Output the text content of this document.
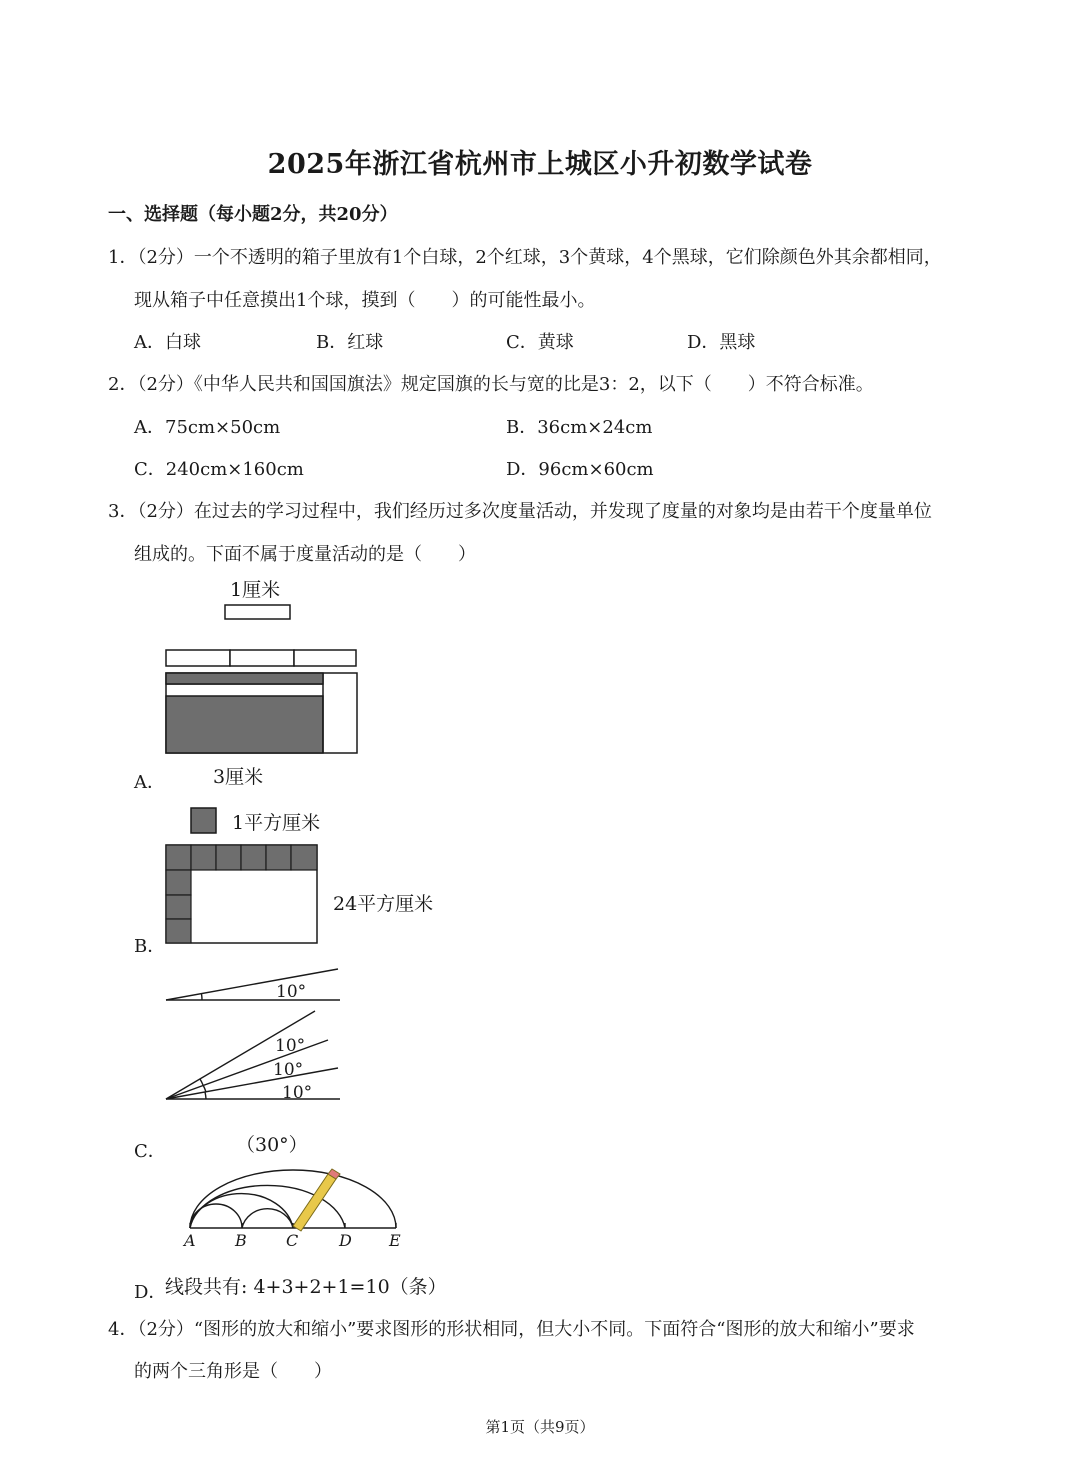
2025年浙江省杭州市上城区小升初数学试卷
一、选择题（每小题2分，共20分）
1．（2分）一个不透明的箱子里放有1个白球，2个红球，3个黄球，4个黑球，它们除颜色外其余都相同，
现从箱子中任意摸出1个球，摸到（　　）的可能性最小。
A．白球	B．红球	C．黄球	D．黑球
2．（2分）《中华人民共和国国旗法》规定国旗的长与宽的比是3：2，以下（　　）不符合标准。
A．75cm×50cm	B．36cm×24cm
C．240cm×160cm	D．96cm×60cm
3．（2分）在过去的学习过程中，我们经历过多次度量活动，并发现了度量的对象均是由若干个度量单位
组成的。下面不属于度量活动的是（　　）
A．
1厘米
3厘米
B．
1平方厘米
24平方厘米
C．	（30°）
10°
10°
10°
10°
D．
线段共有: 4+3+2+1=10（条）
A B C	D E
4．（2分）“图形的放大和缩小”要求图形的形状相同，但大小不同。下面符合“图形的放大和缩小”要求
的两个三角形是（　　）
第1页（共9页）
